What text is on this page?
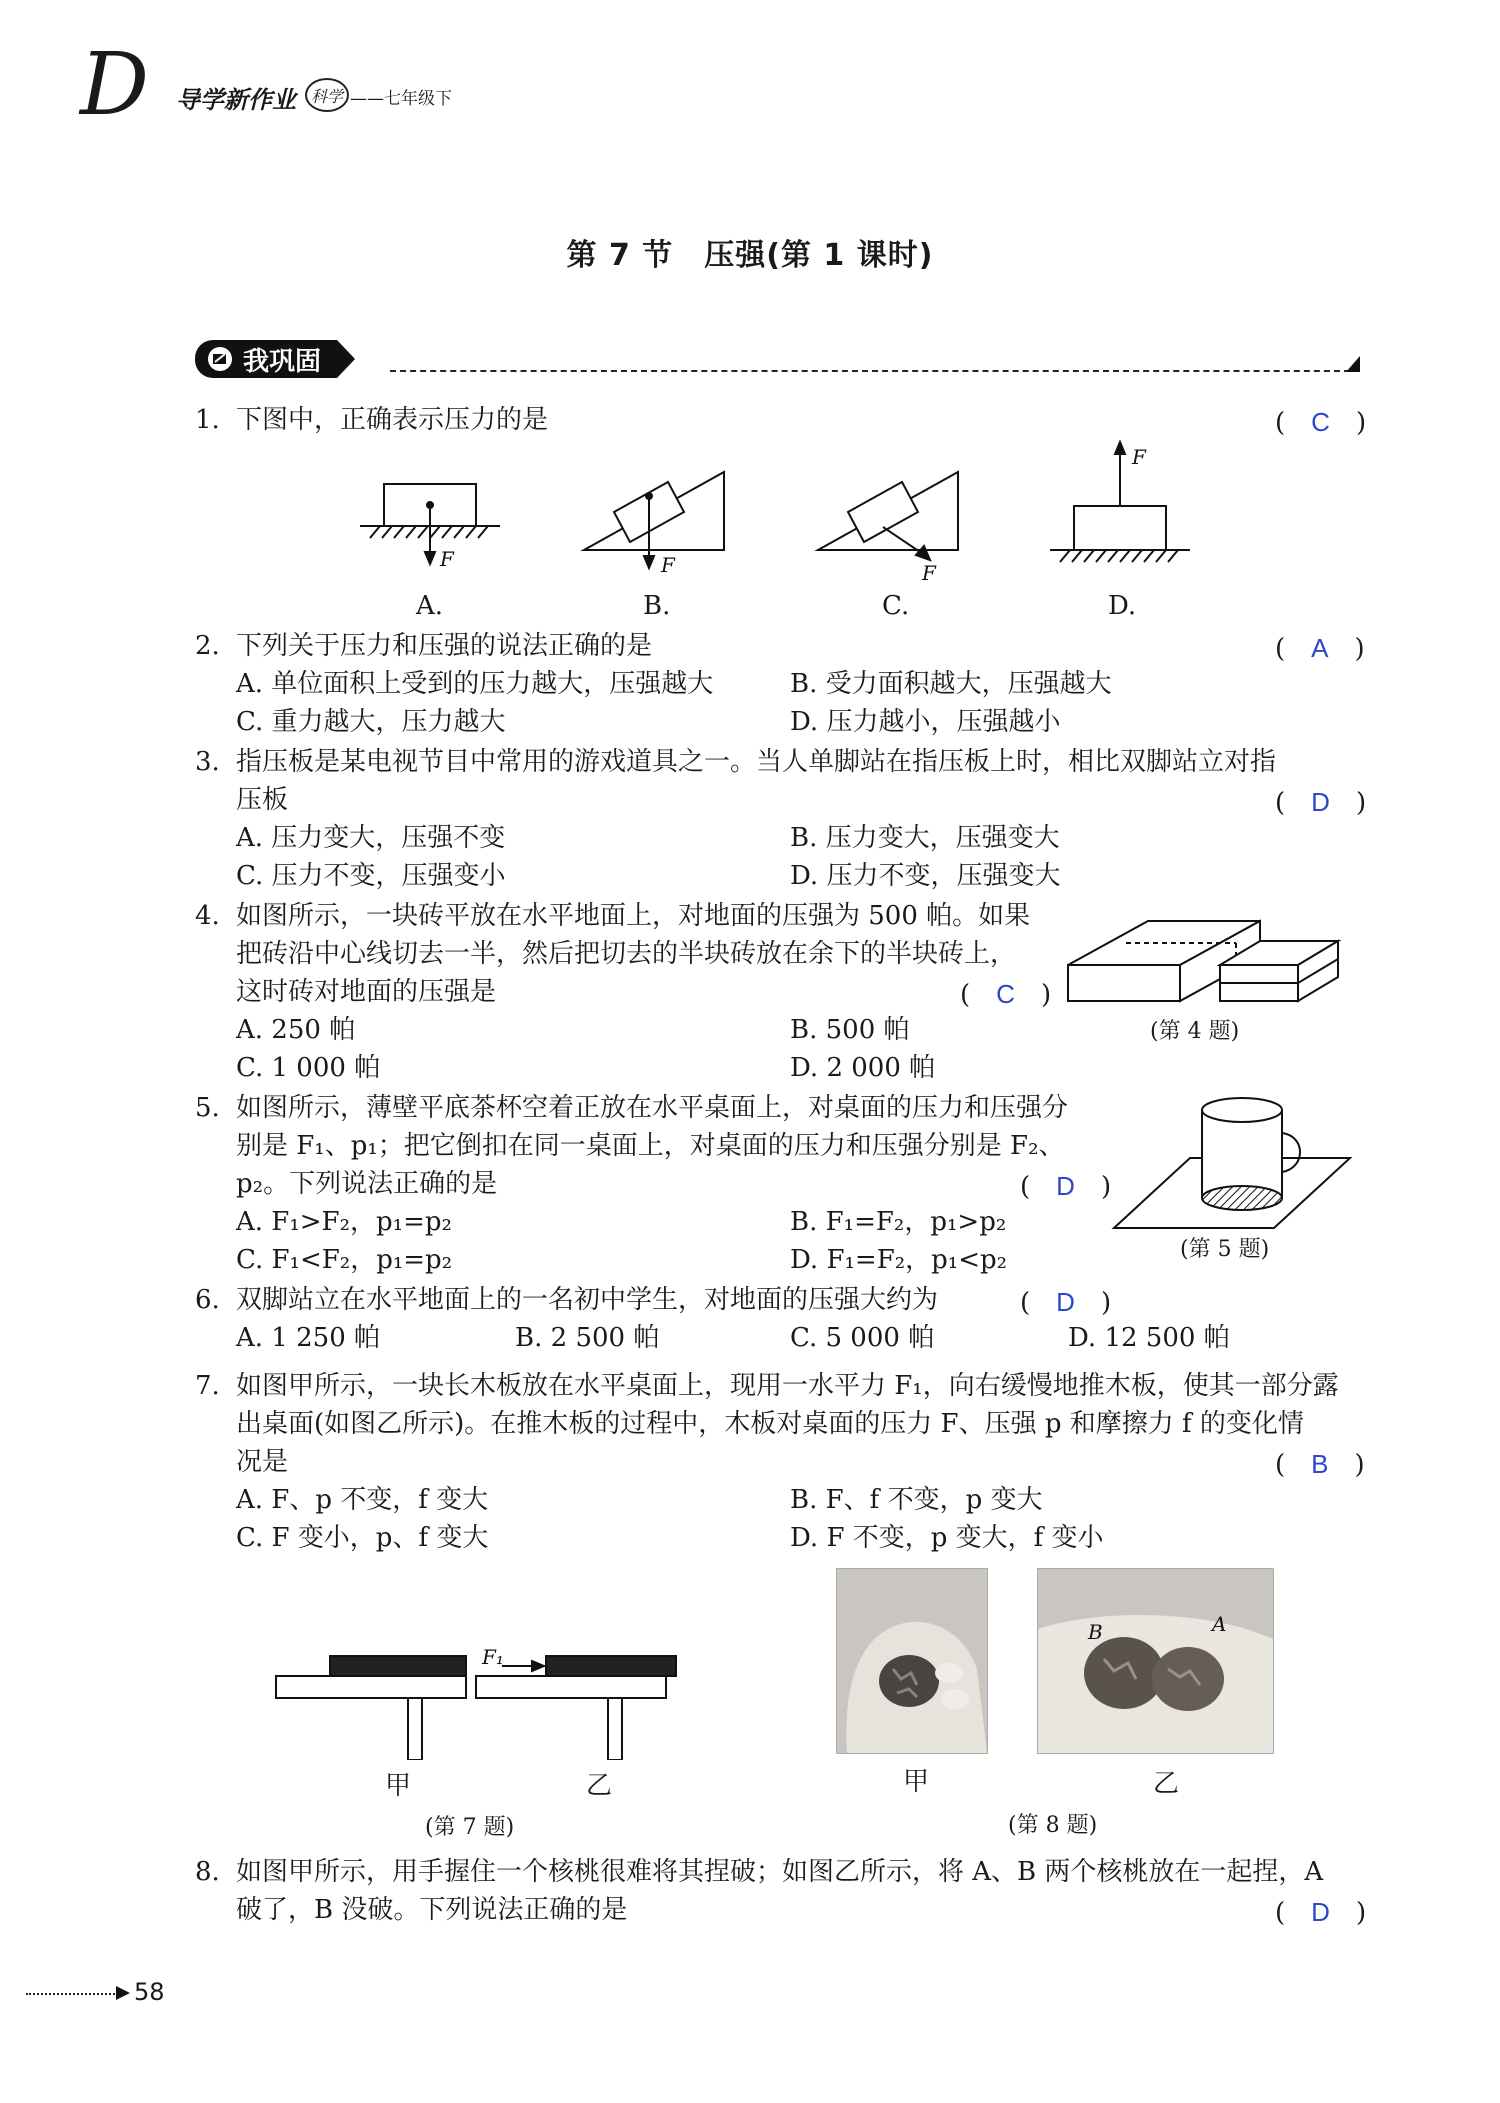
D 导学新作业 科学 ——七年级下
第 7 节　压强(第 1 课时)
我巩固
1. 下图中，正确表示压力的是	(　C　)
F	F	F
F
A.	B.	C.	D.
2. 下列关于压力和压强的说法正确的是	(　A　)
A. 单位面积上受到的压力越大，压强越大	B. 受力面积越大，压强越大
C. 重力越大，压力越大	D. 压力越小，压强越小
3. 指压板是某电视节目中常用的游戏道具之一。当人单脚站在指压板上时，相比双脚站立对指
压板	(　D　)
A. 压力变大，压强不变	B. 压力变大，压强变大
C. 压力不变，压强变小	D. 压力不变，压强变大
4. 如图所示，一块砖平放在水平地面上，对地面的压强为 500 帕。如果
把砖沿中心线切去一半，然后把切去的半块砖放在余下的半块砖上，
这时砖对地面的压强是	(　C　)
A. 250 帕	B. 500 帕
C. 1 000 帕	D. 2 000 帕
(第 4 题)
5. 如图所示，薄壁平底茶杯空着正放在水平桌面上，对桌面的压力和压强分
别是 F₁、p₁；把它倒扣在同一桌面上，对桌面的压力和压强分别是 F₂、
p₂。下列说法正确的是	(　D　)
A. F₁>F₂，p₁=p₂	B. F₁=F₂，p₁>p₂
C. F₁<F₂，p₁=p₂	D. F₁=F₂，p₁<p₂	(第 5 题)
6. 双脚站立在水平地面上的一名初中学生，对地面的压强大约为	(　D　)
A. 1 250 帕	B. 2 500 帕	C. 5 000 帕	D. 12 500 帕
7. 如图甲所示，一块长木板放在水平桌面上，现用一水平力 F₁，向右缓慢地推木板，使其一部分露
出桌面(如图乙所示)。在推木板的过程中，木板对桌面的压力 F、压强 p 和摩擦力 f 的变化情
况是	(　B　)
A. F、p 不变，f 变大	B. F、f 不变，p 变大
C. F 变小，p、f 变大	D. F 不变，p 变大，f 变小
F₁
甲	乙
(第 7 题)
B	A
甲	乙
(第 8 题)
8. 如图甲所示，用手握住一个核桃很难将其捏破；如图乙所示，将 A、B 两个核桃放在一起捏，A
破了，B 没破。下列说法正确的是	(　D　)
58
